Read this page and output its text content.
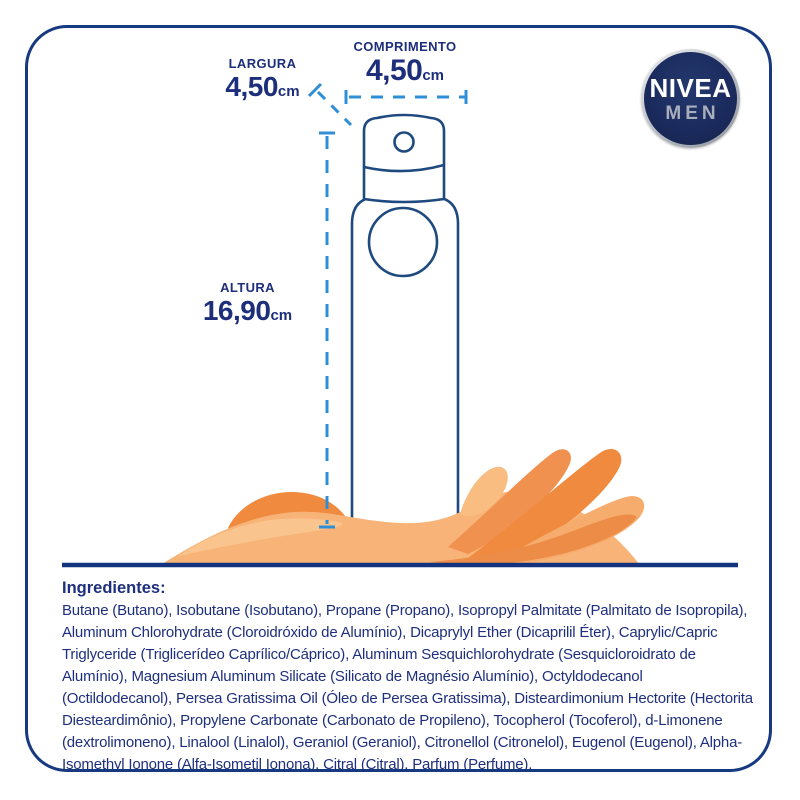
COMPRIMENTO
4,50cm
LARGURA
4,50cm
ALTURA
16,90cm
NIVEA
MEN
Ingredientes:

Butane (Butano), Isobutane (Isobutano), Propane (Propano), Isopropyl Palmitate (Palmitato de Isopropila), Aluminum Chlorohydrate (Cloroidróxido de Alumínio), Dicaprylyl Ether (Dicaprilil Éter), Caprylic/Capric Triglyceride (Triglicerídeo Caprílico/Cáprico), Aluminum Sesquichlorohydrate (Sesquicloroidrato de Alumínio), Magnesium Aluminum Silicate (Silicato de Magnésio Alumínio), Octyldodecanol (Octildodecanol), Persea Gratissima Oil (Óleo de Persea Gratissima), Disteardimonium Hectorite (Hectorita Diesteardimônio), Propylene Carbonate (Carbonato de Propileno), Tocopherol (Tocoferol), d-Limonene (dextrolimoneno), Linalool (Linalol), Geraniol (Geraniol), Citronellol (Citronelol), Eugenol (Eugenol), Alpha-Isomethyl Ionone (Alfa-Isometil Ionona), Citral (Citral), Parfum (Perfume).
